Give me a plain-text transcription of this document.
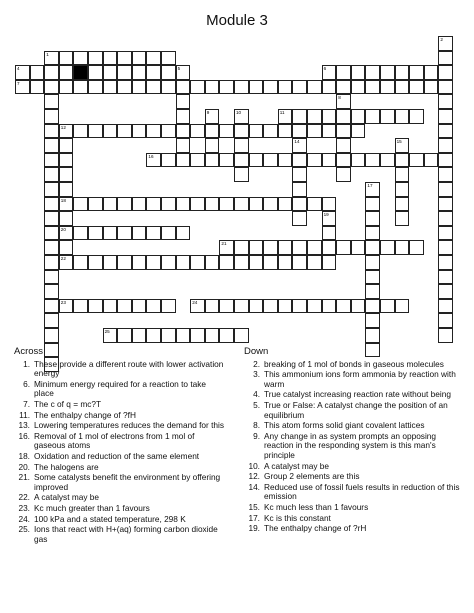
Module 3
1
2
4	5	6
7
8
9	10	11
12
18
20
14	15
16
17
19
21
22
23	24
25
Across
1. These provide a different route with lower activation energy
6. Minimum energy required for a reaction to take place
7. The c of q = mc?T
11. The enthalpy change of ?fH
13. Lowering temperatures reduces the demand for this
16. Removal of 1 mol of electrons from 1 mol of gaseous atoms
18. Oxidation and reduction of the same element
20. The halogens are
21. Some catalysts benefit the environment by offering improved
22. A catalyst may be
23. Kc much greater than 1 favours
24. 100 kPa and a stated temperature, 298 K
25. Ions that react with H+(aq) forming carbon dioxide gas
Down
2. breaking of 1 mol of bonds in gaseous molecules
3. This ammonium ions form ammonia by reaction with warm
4. True catalyst increasing reaction rate without being
5. True or False: A catalyst change the position of an equilibrium
8. This atom forms solid giant covalent lattices
9. Any change in as system prompts an opposing reaction in the responding system is this man's principle
10. A catalyst may be
12. Group 2 elements are this
14. Reduced use of fossil fuels results in reduction of this emission
15. Kc much less than 1 favours
17. Kc is this constant
19. The enthalpy change of ?rH
